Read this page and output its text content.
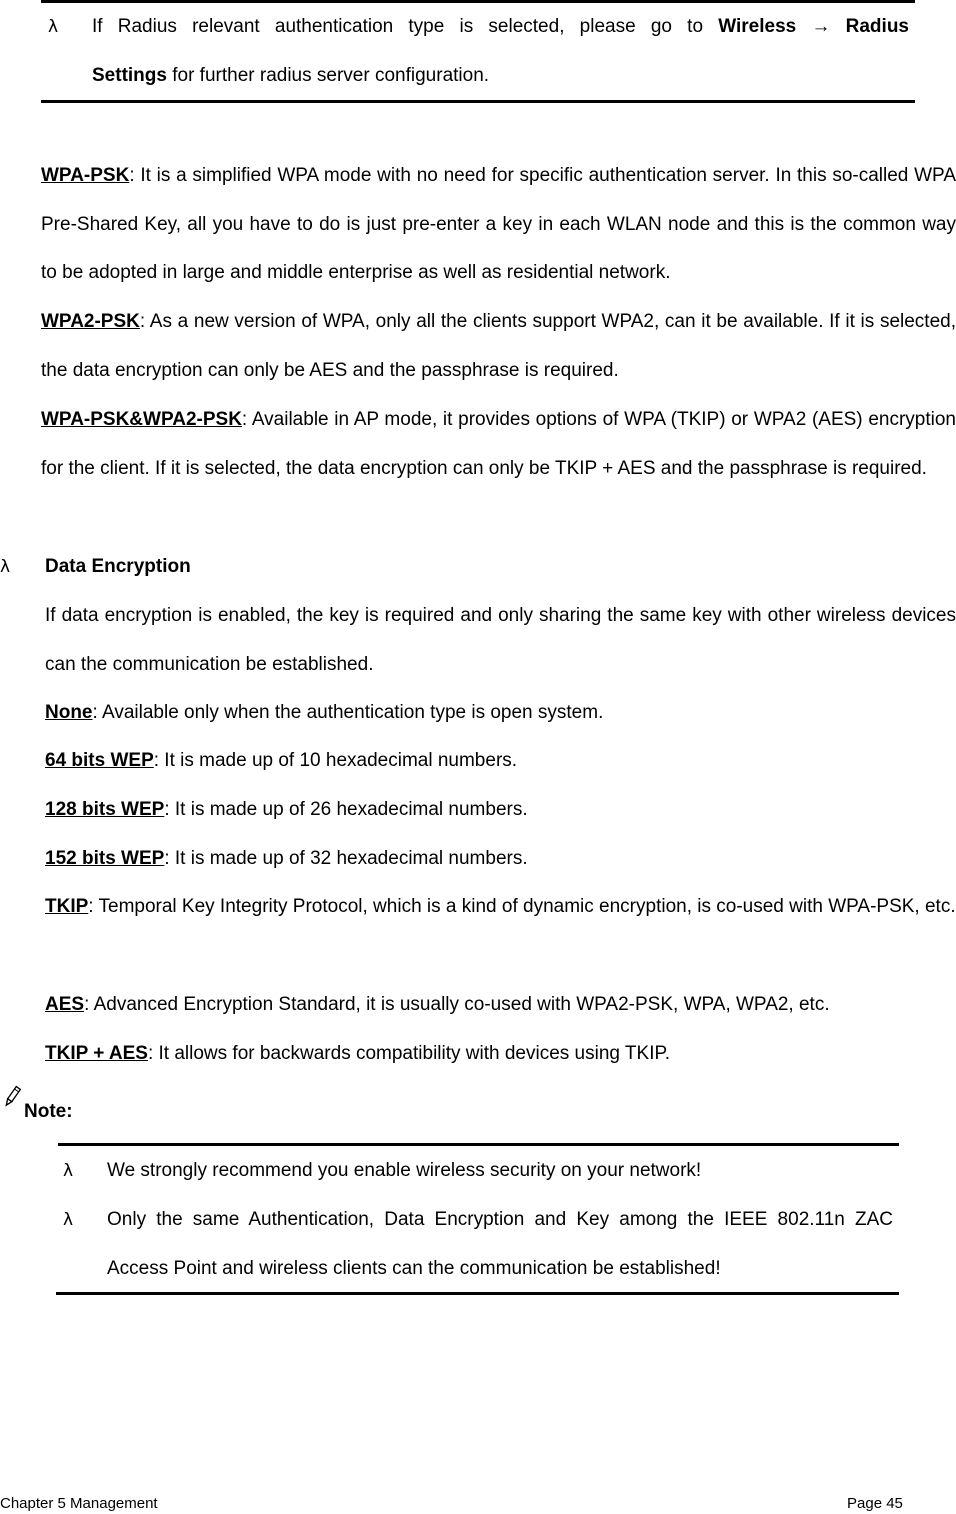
λ If Radius relevant authentication type is selected, please go to Wireless → Radius
Settings for further radius server configuration.
WPA-PSK: It is a simplified WPA mode with no need for specific authentication server. In this so-called WPA Pre-Shared Key, all you have to do is just pre-enter a key in each WLAN node and this is the common way to be adopted in large and middle enterprise as well as residential network.
WPA2-PSK: As a new version of WPA, only all the clients support WPA2, can it be available. If it is selected, the data encryption can only be AES and the passphrase is required.
WPA-PSK&WPA2-PSK: Available in AP mode, it provides options of WPA (TKIP) or WPA2 (AES) encryption for the client. If it is selected, the data encryption can only be TKIP + AES and the passphrase is required.
λ Data Encryption
If data encryption is enabled, the key is required and only sharing the same key with other wireless devices can the communication be established.
None: Available only when the authentication type is open system.
64 bits WEP: It is made up of 10 hexadecimal numbers.
128 bits WEP: It is made up of 26 hexadecimal numbers.
152 bits WEP: It is made up of 32 hexadecimal numbers.
TKIP: Temporal Key Integrity Protocol, which is a kind of dynamic encryption, is co-used with WPA-PSK, etc.
AES: Advanced Encryption Standard, it is usually co-used with WPA2-PSK, WPA, WPA2, etc.
TKIP + AES: It allows for backwards compatibility with devices using TKIP.
Note:
λ We strongly recommend you enable wireless security on your network!
λ Only the same Authentication, Data Encryption and Key among the IEEE 802.11n ZAC Access Point and wireless clients can the communication be established!
Chapter 5 Management	Page 45
